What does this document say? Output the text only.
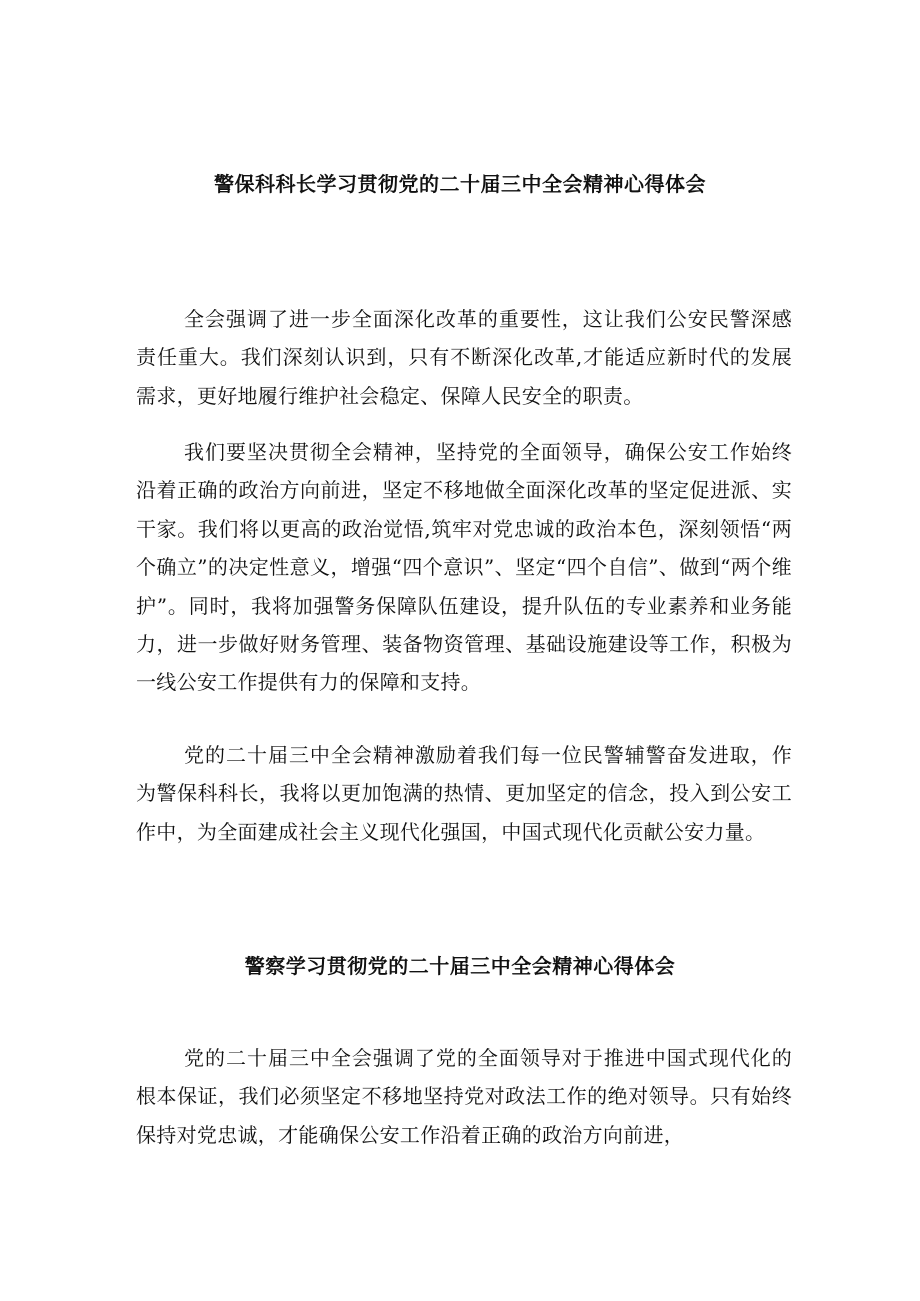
警保科科长学习贯彻党的二十届三中全会精神心得体会

全会强调了进一步全面深化改革的重要性，这让我们公安民警深感责任重大。我们深刻认识到，只有不断深化改革,才能适应新时代的发展需求，更好地履行维护社会稳定、保障人民安全的职责。

我们要坚决贯彻全会精神，坚持党的全面领导，确保公安工作始终沿着正确的政治方向前进，坚定不移地做全面深化改革的坚定促进派、实干家。我们将以更高的政治觉悟,筑牢对党忠诚的政治本色，深刻领悟“两个确立”的决定性意义，增强“四个意识”、坚定“四个自信”、做到“两个维护”。同时，我将加强警务保障队伍建设，提升队伍的专业素养和业务能力，进一步做好财务管理、装备物资管理、基础设施建设等工作，积极为一线公安工作提供有力的保障和支持。

党的二十届三中全会精神激励着我们每一位民警辅警奋发进取，作为警保科科长，我将以更加饱满的热情、更加坚定的信念，投入到公安工作中，为全面建成社会主义现代化强国，中国式现代化贡献公安力量。

警察学习贯彻党的二十届三中全会精神心得体会

党的二十届三中全会强调了党的全面领导对于推进中国式现代化的根本保证，我们必须坚定不移地坚持党对政法工作的绝对领导。只有始终保持对党忠诚，才能确保公安工作沿着正确的政治方向前进，
